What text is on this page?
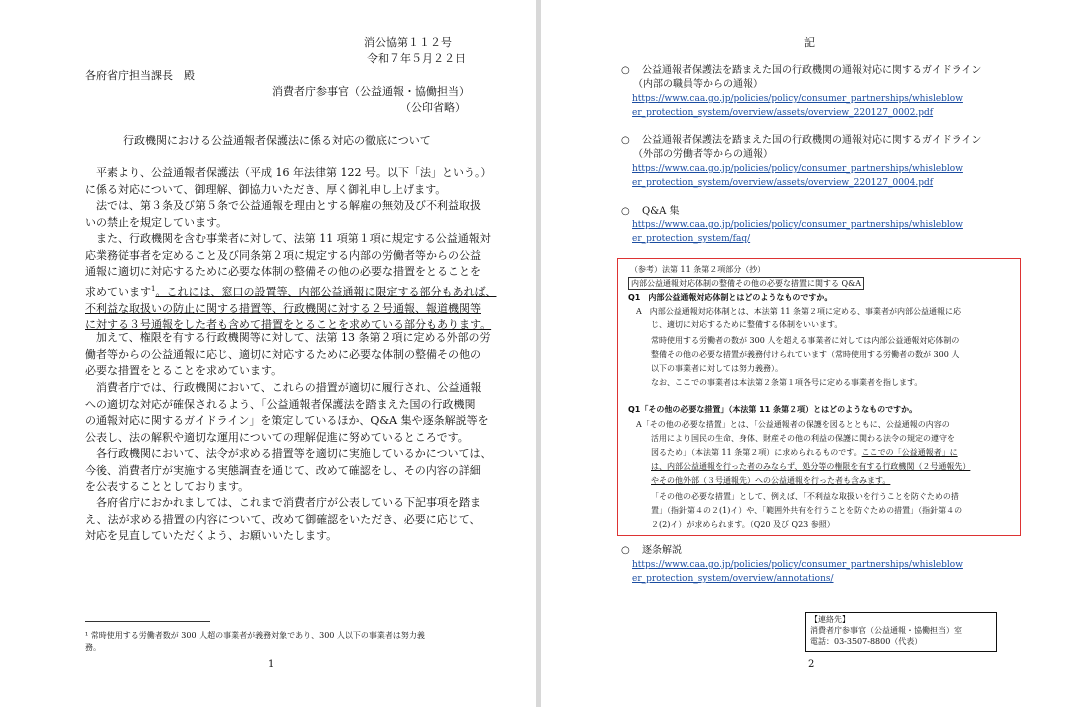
消公協第１１２号
令和７年５月２２日
各府省庁担当課長　殿
消費者庁参事官（公益通報・協働担当）
（公印省略）
行政機関における公益通報者保護法に係る対応の徹底について

　平素より、公益通報者保護法（平成 16 年法律第 122 号。以下「法」という。）

に係る対応について、御理解、御協力いただき、厚く御礼申し上げます。

　法では、第３条及び第５条で公益通報を理由とする解雇の無効及び不利益取扱

いの禁止を規定しています。

　また、行政機関を含む事業者に対して、法第 11 項第１項に規定する公益通報対

応業務従事者を定めること及び同条第２項に規定する内部の労働者等からの公益

通報に適切に対応するために必要な体制の整備その他の必要な措置をとることを

求めています$^1$。これには、窓口の設置等、内部公益通報に限定する部分もあれば、

不利益な取扱いの防止に関する措置等、行政機関に対する２号通報、報道機関等

に対する３号通報をした者も含めて措置をとることを求めている部分もあります。

　加えて、権限を有する行政機関等に対して、法第 13 条第２項に定める外部の労

働者等からの公益通報に応じ、適切に対応するために必要な体制の整備その他の

必要な措置をとることを求めています。

　消費者庁では、行政機関において、これらの措置が適切に履行され、公益通報

への適切な対応が確保されるよう、「公益通報者保護法を踏まえた国の行政機関

の通報対応に関するガイドライン」を策定しているほか、Q&A 集や逐条解説等を

公表し、法の解釈や適切な運用についての理解促進に努めているところです。

　各行政機関において、法令が求める措置等を適切に実施しているかについては、

今後、消費者庁が実施する実態調査を通じて、改めて確認をし、その内容の詳細

を公表することとしております。

　各府省庁におかれましては、これまで消費者庁が公表している下記事項を踏ま

え、法が求める措置の内容について、改めて御確認をいただき、必要に応じて、

対応を見直していただくよう、お願いいたします。

¹ 常時使用する労働者数が 300 人超の事業者が義務対象であり、300 人以下の事業者は努力義
務。
1
記
○ 公益通報者保護法を踏まえた国の行政機関の通報対応に関するガイドライン
（内部の職員等からの通報）
https://www.caa.go.jp/policies/policy/consumer_partnerships/whisleblow
er_protection_system/overview/assets/overview_220127_0002.pdf
○ 公益通報者保護法を踏まえた国の行政機関の通報対応に関するガイドライン
（外部の労働者等からの通報）
https://www.caa.go.jp/policies/policy/consumer_partnerships/whisleblow
er_protection_system/overview/assets/overview_220127_0004.pdf
○ Q&A 集
https://www.caa.go.jp/policies/policy/consumer_partnerships/whisleblow
er_protection_system/faq/
○ 逐条解説
https://www.caa.go.jp/policies/policy/consumer_partnerships/whisleblow
er_protection_system/overview/annotations/
2
（参考）法第 11 条第２項部分（抄）
内部公益通報対応体制の整備その他の必要な措置に関する Q&A
Q1　内部公益通報対応体制とはどのようなものですか。
A　内部公益通報対応体制とは、本法第 11 条第２項に定める、事業者が内部公益通報に応
じ、適切に対応するために整備する体制をいいます。
常時使用する労働者の数が 300 人を超える事業者に対しては内部公益通報対応体制の
整備その他の必要な措置が義務付けられています（常時使用する労働者の数が 300 人
以下の事業者に対しては努力義務）。
なお、ここでの事業者は本法第２条第１項各号に定める事業者を指します。
Q1「その他の必要な措置」（本法第 11 条第２項）とはどのようなものですか。
A「その他の必要な措置」とは、「公益通報者の保護を図るとともに、公益通報の内容の
活用により国民の生命、身体、財産その他の利益の保護に関わる法令の規定の遵守を
図るため」（本法第 11 条第２項）に求められるものです。ここでの「公益通報者」に
は、内部公益通報を行った者のみならず、処分等の権限を有する行政機関（２号通報先）
やその他外部（３号通報先）への公益通報を行った者も含みます。
「その他の必要な措置」として、例えば、「不利益な取扱いを行うことを防ぐための措
置」（指針第４の２(1)イ）や、「範囲外共有を行うことを防ぐための措置」（指針第４の
２(2)イ）が求められます。（Q20 及び Q23 参照）
【連絡先】
消費者庁参事官（公益通報・協働担当）室
電話：03-3507-8800（代表）
